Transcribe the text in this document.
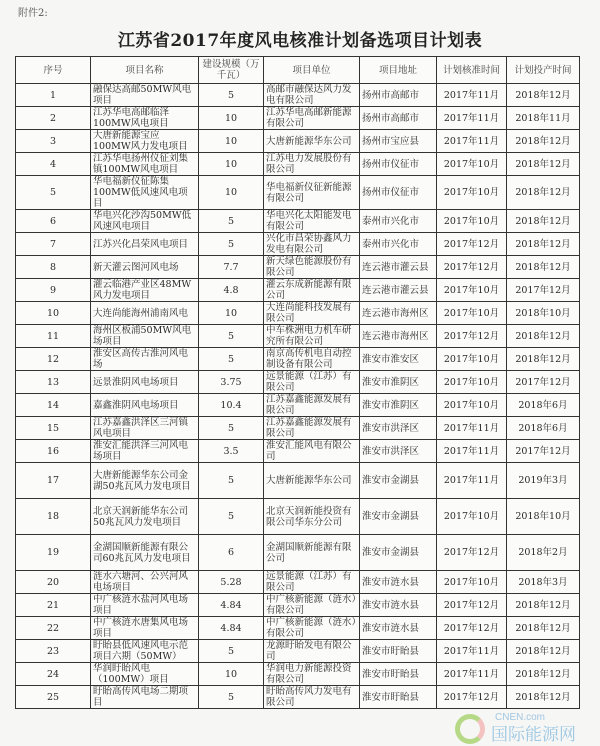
附件2:
江苏省2017年度风电核准计划备选项目计划表
序号	项目名称	建设规模（万千瓦）	项目单位	项目地址	计划核准时间	计划投产时间
1	融保达高邮50MW风电项目	5	高邮市融保达风力发电有限公司	扬州市高邮市	2017年11月	2018年12月
2	江苏华电高邮临泽100MW风电项目	10	江苏华电高邮新能源有限公司	扬州市高邮市	2017年11月	2018年11月
3	大唐新能源宝应100MW风力发电项目	10	大唐新能源华东公司	扬州市宝应县	2017年11月	2018年12月
4	江苏华电扬州仪征刘集镇100MW风电项目	10	江苏电力发展股份有限公司	扬州市仪征市	2017年10月	2018年12月
5	华电福新仪征陈集100MW低风速风电项目	10	华电福新仪征新能源有限公司	扬州市仪征市	2017年10月	2018年12月
6	华电兴化沙沟50MW低风速风电项目	5	华电兴化太阳能发电有限公司	泰州市兴化市	2017年10月	2018年12月
7	江苏兴化昌荣风电项目	5	兴化市昌荣协鑫风力发电有限公司	泰州市兴化市	2017年12月	2018年12月
8	新天灌云图河风电场	7.7	新天绿色能源股份有限公司	连云港市灌云县	2017年12月	2018年12月
9	灌云临港产业区48MW风力发电项目	4.8	灌云东成新能源有限公司	连云港市灌云县	2017年10月	2017年12月
10	大连尚能海州浦南风电	10	大连尚能科技发展有限公司	连云港市海州区	2017年10月	2018年10月
11	海州区板浦50MW风电场项目	5	中车株洲电力机车研究所有限公司	连云港市海州区	2017年12月	2018年12月
12	淮安区高传古淮河风电场	5	南京高传机电自动控制设备有限公司	淮安市淮安区	2017年10月	2018年12月
13	远景淮阴风电场项目	3.75	远景能源（江苏）有限公司	淮安市淮阴区	2017年10月	2017年12月
14	嘉鑫淮阴风电场项目	10.4	江苏嘉鑫能源发展有限公司	淮安市淮阴区	2017年10月	2018年6月
15	江苏嘉鑫洪泽区三河镇风电项目	5	江苏嘉鑫能源发展有限公司	淮安市洪泽区	2017年11月	2018年6月
16	淮安汇能洪泽三河风电场项目	3.5	淮安汇能风电有限公司	淮安市洪泽区	2017年11月	2017年12月
17	大唐新能源华东公司金湖50兆瓦风力发电项目	5	大唐新能源华东公司	淮安市金湖县	2017年11月	2019年3月
18	北京天润新能华东公司50兆瓦风力发电项目	5	北京天润新能投资有限公司华东分公司	淮安市金湖县	2017年10月	2018年10月
19	金湖国顺新能源有限公司60兆瓦风力发电项目	6	金湖国顺新能源有限公司	淮安市金湖县	2017年12月	2018年2月
20	涟水六塘河、公兴河风电场项目	5.28	远景能源（江苏）有限公司	淮安市涟水县	2017年10月	2018年3月
21	中广核涟水盐河风电场项目	4.84	中广核新能源（涟水）有限公司	淮安市涟水县	2017年12月	2018年12月
22	中广核涟水唐集风电场项目	4.84	中广核新能源（涟水）有限公司	淮安市涟水县	2017年12月	2018年12月
23	盱眙县低风速风电示范项目六期（50MW）	5	龙源盱眙发电有限公司	淮安市盱眙县	2017年11月	2018年12月
24	华润盱眙风电（100MW）项目	10	华润电力新能源投资有限公司	淮安市盱眙县	2017年11月	2018年12月
25	盱眙高传风电场二期项目	5	盱眙高传风力发电有限公司	淮安市盱眙县	2017年12月	2018年12月
CNEN.com
国际能源网
